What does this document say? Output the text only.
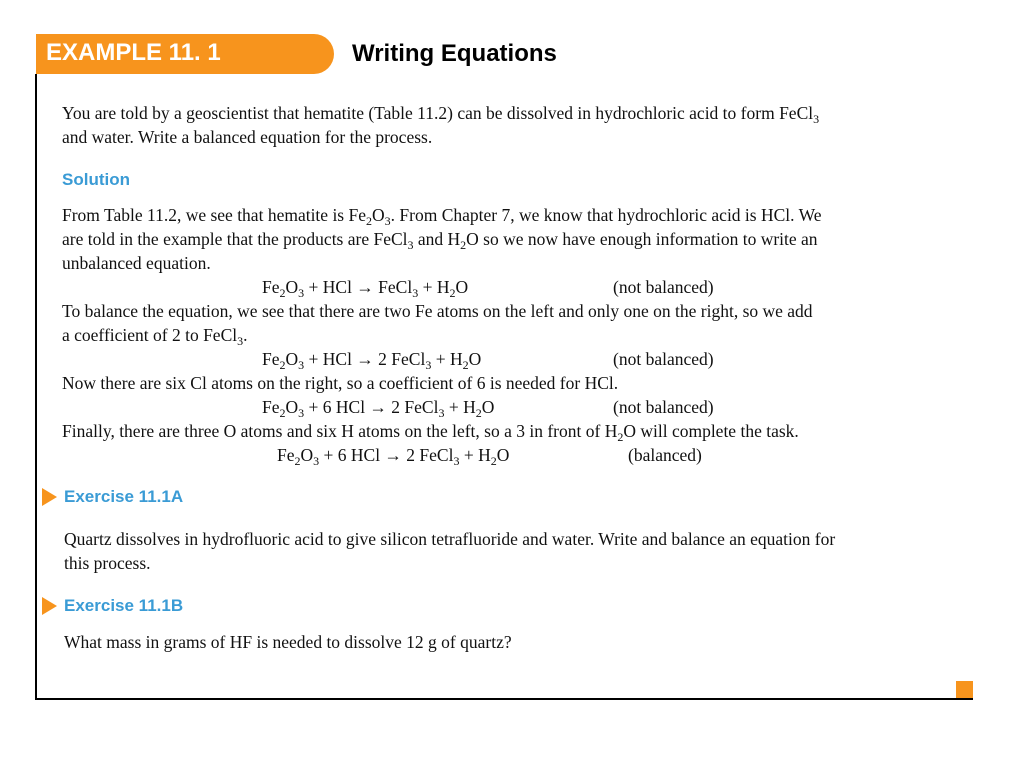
EXAMPLE 11. 1	Writing Equations
You are told by a geoscientist that hematite (Table 11.2) can be dissolved in hydrochloric acid to form FeCl$_3$
and water. Write a balanced equation for the process.
Solution
From Table 11.2, we see that hematite is $Fe_2O_3$. From Chapter 7, we know that hydrochloric acid is HCl. We
are told in the example that the products are FeCl$_3$ and $H_2O$ so we now have enough information to write an
unbalanced equation.
$Fe_2O_3$ + HCl → FeCl$_3$ + $H_2O$	(not balanced)
To balance the equation, we see that there are two Fe atoms on the left and only one on the right, so we add
a coefficient of 2 to FeCl$_3$.
$Fe_2O_3$ + HCl → 2 FeCl$_3$ + $H_2O$	(not balanced)
Now there are six Cl atoms on the right, so a coefficient of 6 is needed for HCl.
$Fe_2O_3 + 6$ HCl → 2 FeCl$_3$ + $H_2O$	(not balanced)
Finally, there are three O atoms and six H atoms on the left, so a 3 in front of $H_2O$ will complete the task.
$Fe_2O_3 + 6$ HCl → 2 FeCl$_3$ + $H_2O$	(balanced)
Exercise 11.1A
Quartz dissolves in hydrofluoric acid to give silicon tetrafluoride and water. Write and balance an equation for
this process.
Exercise 11.1B
What mass in grams of HF is needed to dissolve 12 g of quartz?
